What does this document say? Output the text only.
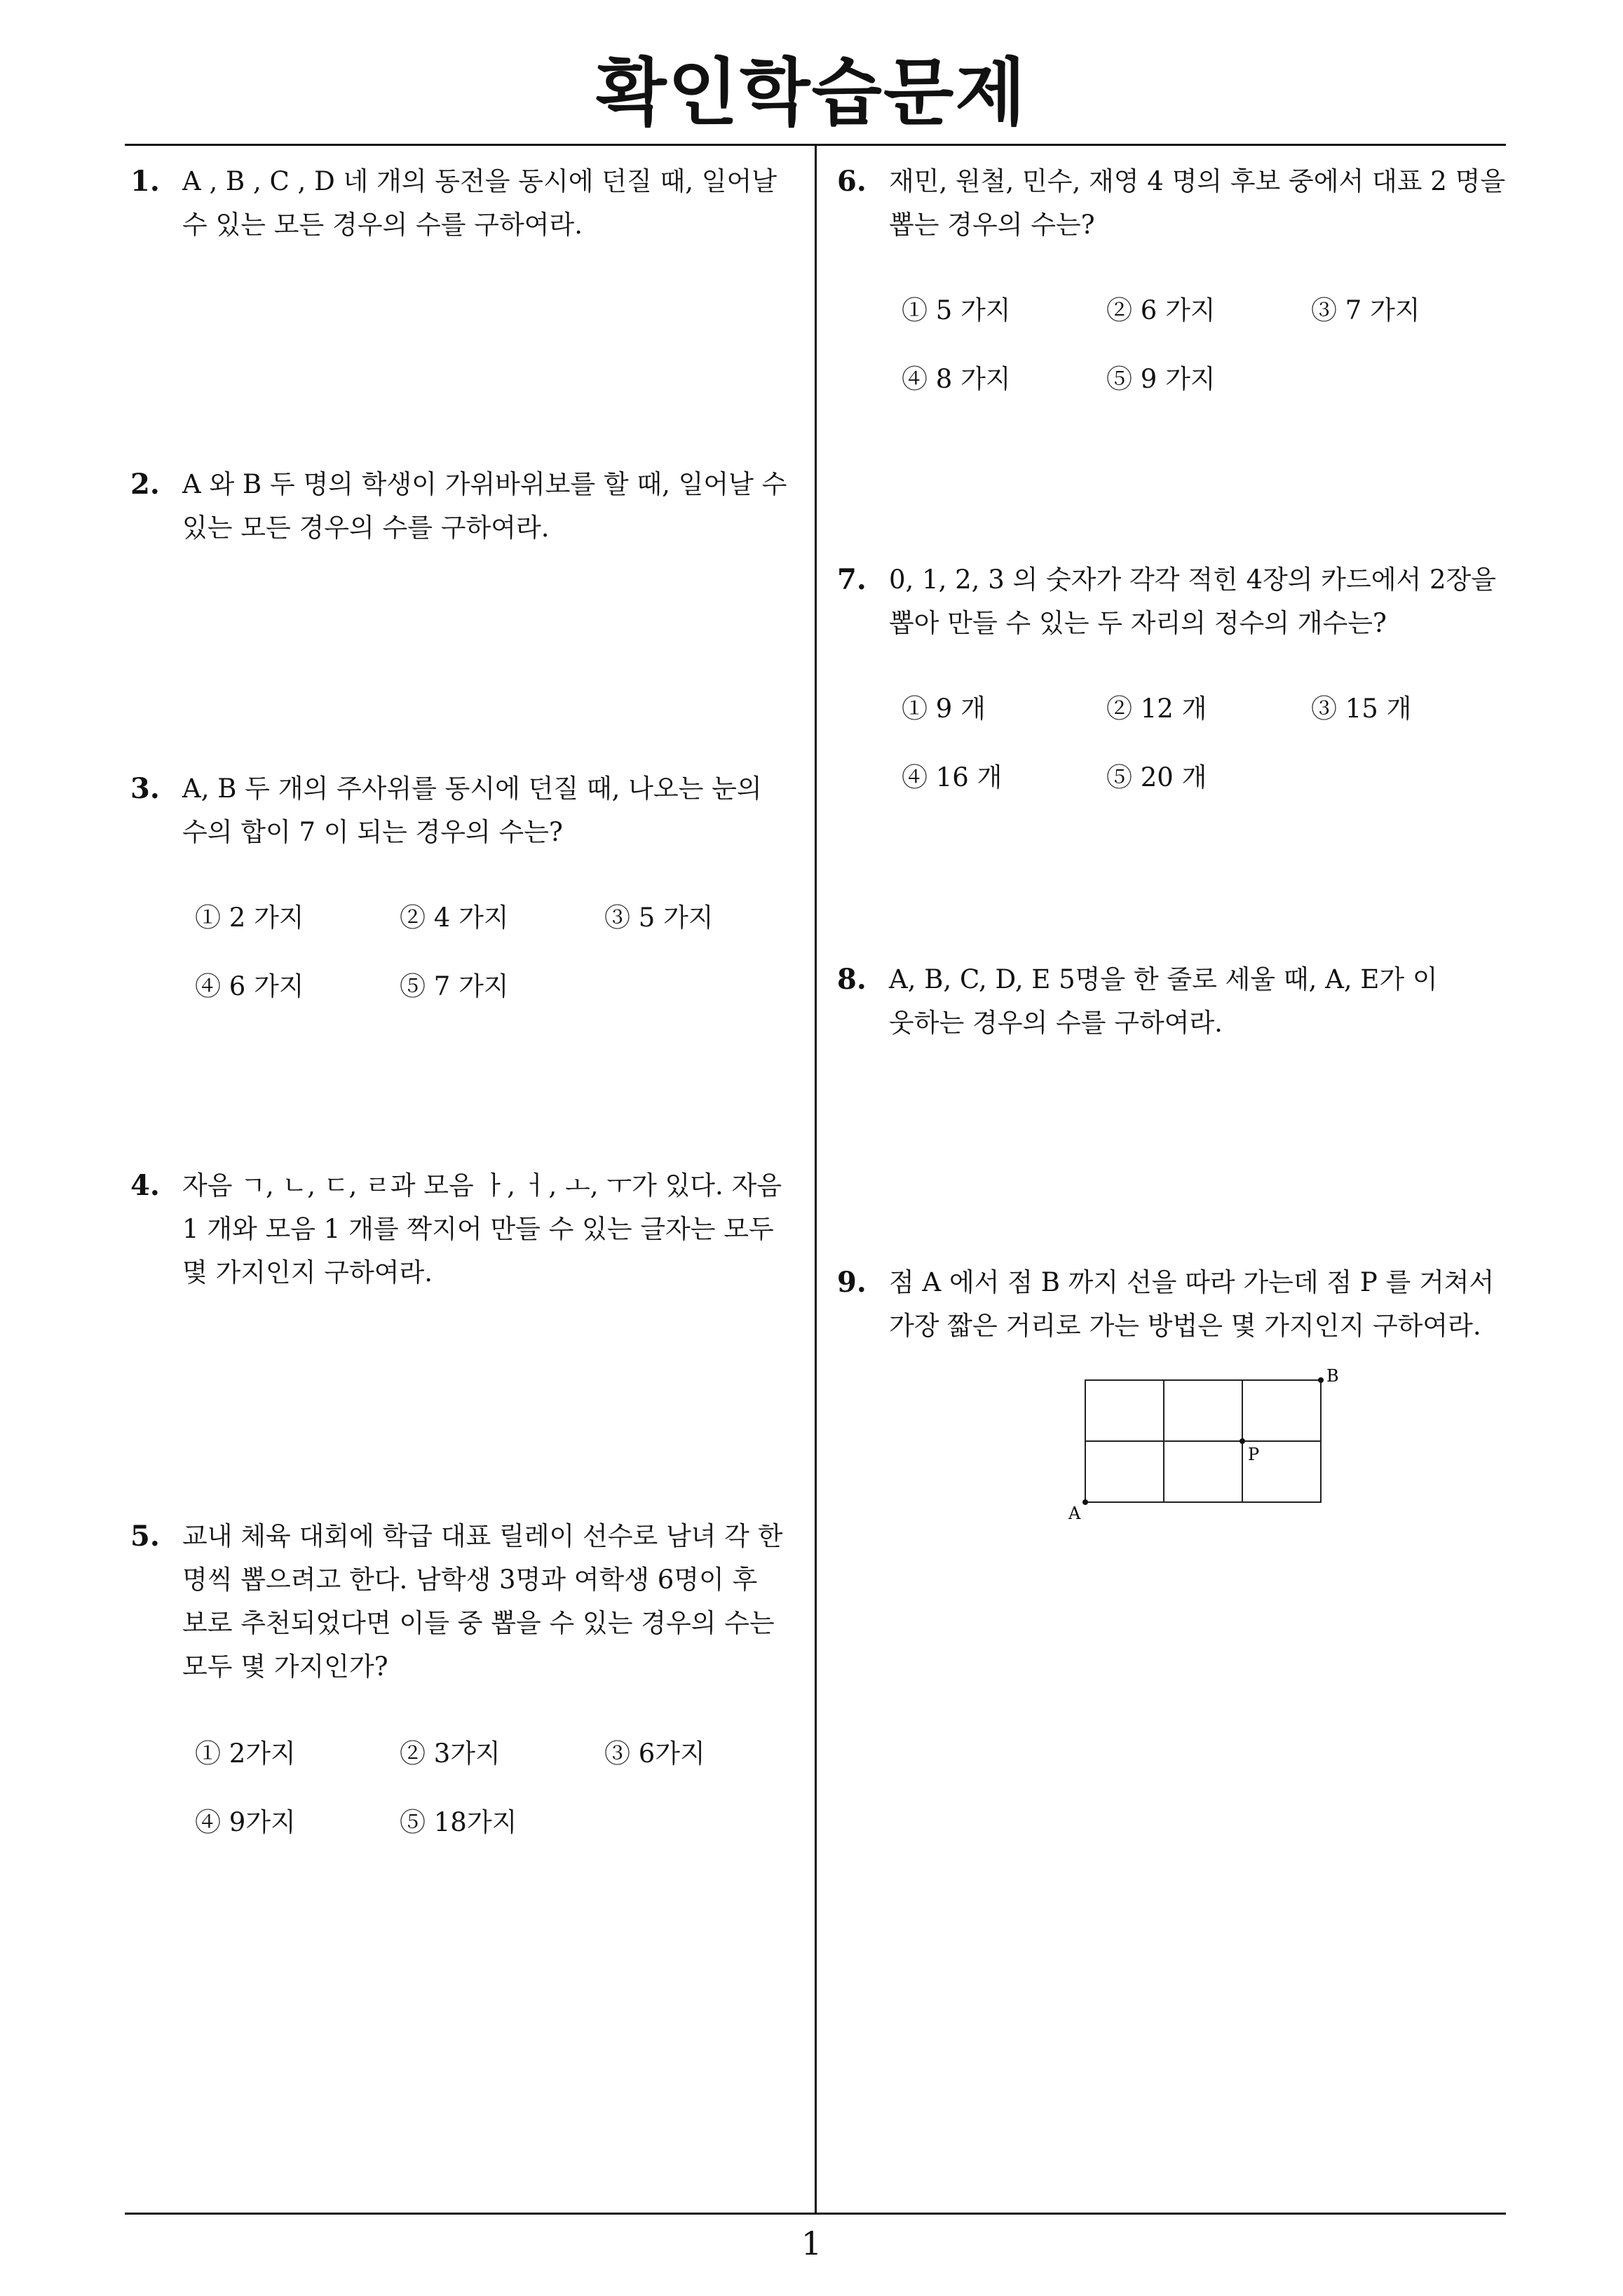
확인학습문제
1. A , B , C , D 네 개의 동전을 동시에 던질 때, 일어날
수 있는 모든 경우의 수를 구하여라.
2. A 와 B 두 명의 학생이 가위바위보를 할 때, 일어날 수
있는 모든 경우의 수를 구하여라.
3. A, B 두 개의 주사위를 동시에 던질 때, 나오는 눈의
수의 합이 7 이 되는 경우의 수는?
① 2 가지	② 4 가지	③ 5 가지
④ 6 가지	⑤ 7 가지
4. 자음 ㄱ, ㄴ, ㄷ, ㄹ과 모음 ㅏ, ㅓ, ㅗ, ㅜ가 있다. 자음
1 개와 모음 1 개를 짝지어 만들 수 있는 글자는 모두
몇 가지인지 구하여라.
5. 교내 체육 대회에 학급 대표 릴레이 선수로 남녀 각 한
명씩 뽑으려고 한다. 남학생 3명과 여학생 6명이 후
보로 추천되었다면 이들 중 뽑을 수 있는 경우의 수는
모두 몇 가지인가?
① 2가지	② 3가지	③ 6가지
④ 9가지	⑤ 18가지
6. 재민, 원철, 민수, 재영 4 명의 후보 중에서 대표 2 명을
뽑는 경우의 수는?
① 5 가지	② 6 가지	③ 7 가지
④ 8 가지	⑤ 9 가지
7. 0, 1, 2, 3 의 숫자가 각각 적힌 4장의 카드에서 2장을
뽑아 만들 수 있는 두 자리의 정수의 개수는?
① 9 개	② 12 개	③ 15 개
④ 16 개	⑤ 20 개
8. A, B, C, D, E 5명을 한 줄로 세울 때, A, E가 이
웃하는 경우의 수를 구하여라.
9. 점 A 에서 점 B 까지 선을 따라 가는데 점 P 를 거쳐서
가장 짧은 거리로 가는 방법은 몇 가지인지 구하여라.
A
B
P
1
